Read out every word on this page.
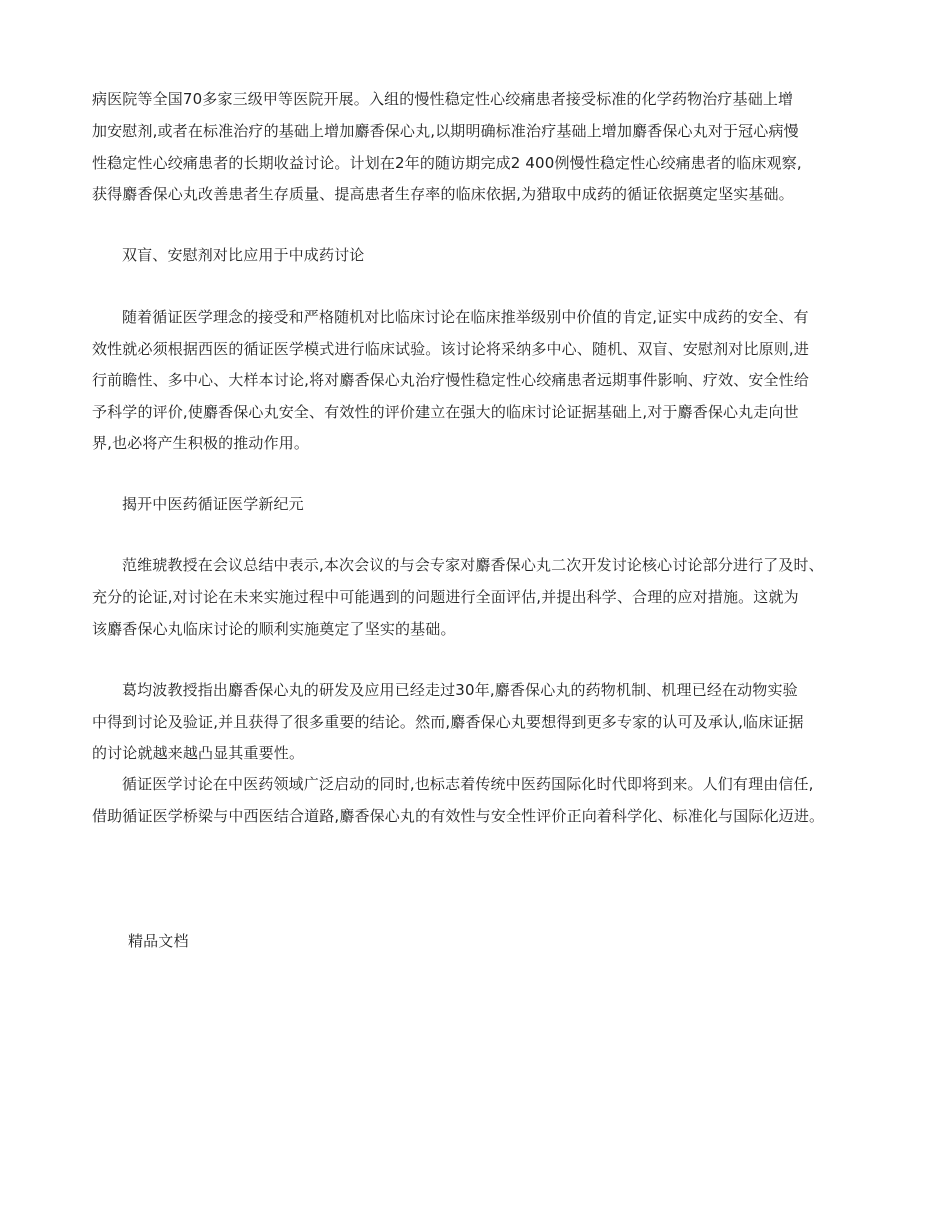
病医院等全国70多家三级甲等医院开展。入组的慢性稳定性心绞痛患者接受标准的化学药物治疗基础上增
加安慰剂,或者在标准治疗的基础上增加麝香保心丸,以期明确标准治疗基础上增加麝香保心丸对于冠心病慢
性稳定性心绞痛患者的长期收益讨论。计划在2年的随访期完成2 400例慢性稳定性心绞痛患者的临床观察,
获得麝香保心丸改善患者生存质量、提高患者生存率的临床依据,为猎取中成药的循证依据奠定坚实基础。
双盲、安慰剂对比应用于中成药讨论
随着循证医学理念的接受和严格随机对比临床讨论在临床推举级别中价值的肯定,证实中成药的安全、有
效性就必须根据西医的循证医学模式进行临床试验。该讨论将采纳多中心、随机、双盲、安慰剂对比原则,进
行前瞻性、多中心、大样本讨论,将对麝香保心丸治疗慢性稳定性心绞痛患者远期事件影响、疗效、安全性给
予科学的评价,使麝香保心丸安全、有效性的评价建立在强大的临床讨论证据基础上,对于麝香保心丸走向世
界,也必将产生积极的推动作用。
揭开中医药循证医学新纪元
范维琥教授在会议总结中表示,本次会议的与会专家对麝香保心丸二次开发讨论核心讨论部分进行了及时、
充分的论证,对讨论在未来实施过程中可能遇到的问题进行全面评估,并提出科学、合理的应对措施。这就为
该麝香保心丸临床讨论的顺利实施奠定了坚实的基础。
葛均波教授指出麝香保心丸的研发及应用已经走过30年,麝香保心丸的药物机制、机理已经在动物实验
中得到讨论及验证,并且获得了很多重要的结论。然而,麝香保心丸要想得到更多专家的认可及承认,临床证据
的讨论就越来越凸显其重要性。
循证医学讨论在中医药领域广泛启动的同时,也标志着传统中医药国际化时代即将到来。人们有理由信任,
借助循证医学桥梁与中西医结合道路,麝香保心丸的有效性与安全性评价正向着科学化、标准化与国际化迈进。
精品文档
